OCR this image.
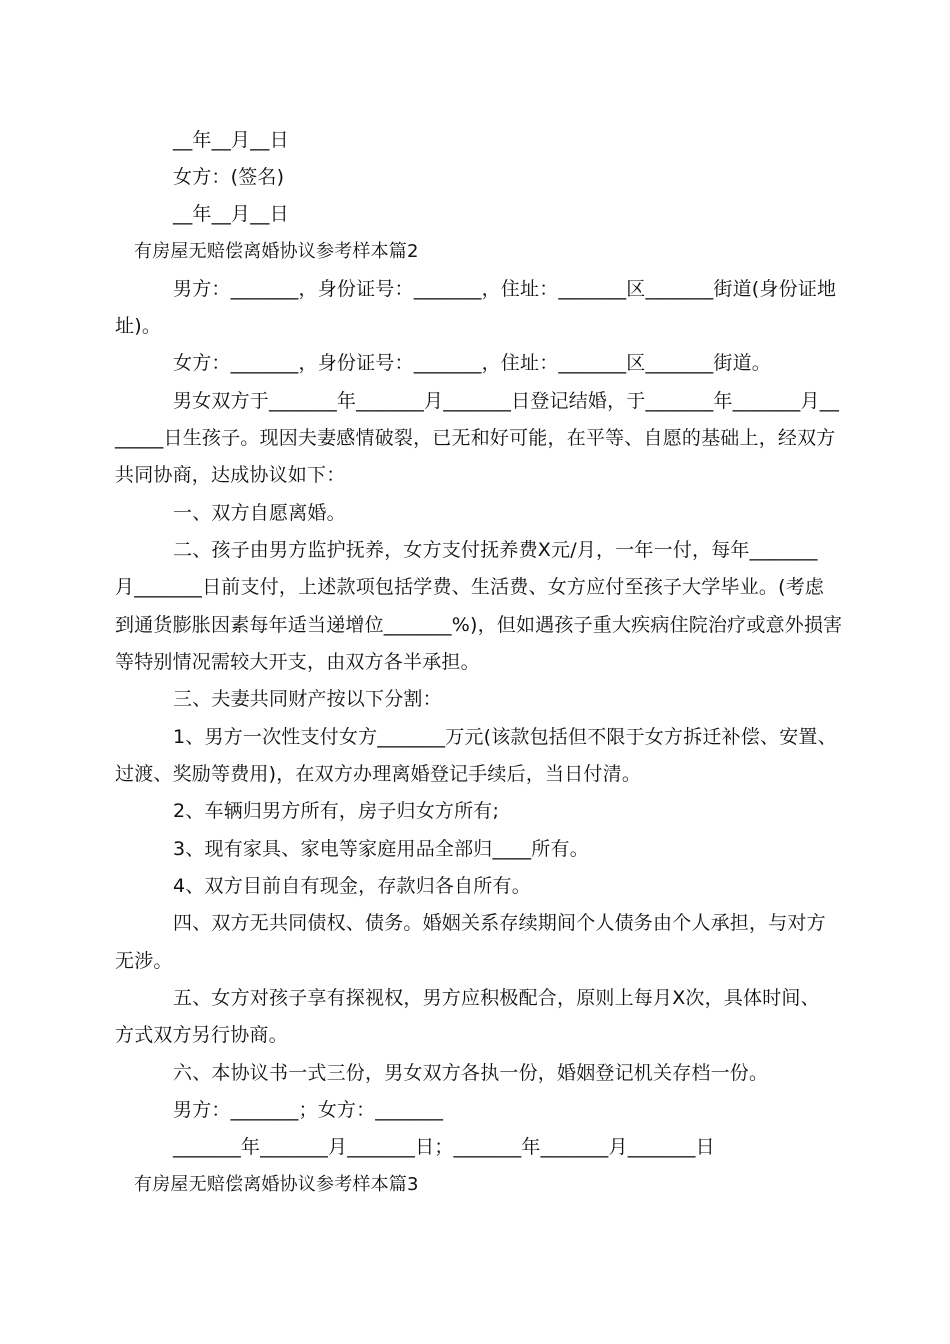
__年__月__日
女方：(签名)
__年__月__日
有房屋无赔偿离婚协议参考样本篇2
男方：_______，身份证号：_______，住址：_______区_______街道(身份证地
址)。
女方：_______，身份证号：_______，住址：_______区_______街道。
男女双方于_______年_______月_______日登记结婚，于_______年_______月__
_____日生孩子。现因夫妻感情破裂，已无和好可能，在平等、自愿的基础上，经双方
共同协商，达成协议如下：
一、双方自愿离婚。
二、孩子由男方监护抚养，女方支付抚养费X元/月，一年一付，每年_______
月_______日前支付，上述款项包括学费、生活费、女方应付至孩子大学毕业。(考虑
到通货膨胀因素每年适当递增位_______%)，但如遇孩子重大疾病住院治疗或意外损害
等特别情况需较大开支，由双方各半承担。
三、夫妻共同财产按以下分割：
1、男方一次性支付女方_______万元(该款包括但不限于女方拆迁补偿、安置、
过渡、奖励等费用)，在双方办理离婚登记手续后，当日付清。
2、车辆归男方所有，房子归女方所有;
3、现有家具、家电等家庭用品全部归____所有。
4、双方目前自有现金，存款归各自所有。
四、双方无共同债权、债务。婚姻关系存续期间个人债务由个人承担，与对方
无涉。
五、女方对孩子享有探视权，男方应积极配合，原则上每月X次，具体时间、
方式双方另行协商。
六、本协议书一式三份，男女双方各执一份，婚姻登记机关存档一份。
男方：_______；女方：_______
_______年_______月_______日；_______年_______月_______日
有房屋无赔偿离婚协议参考样本篇3
